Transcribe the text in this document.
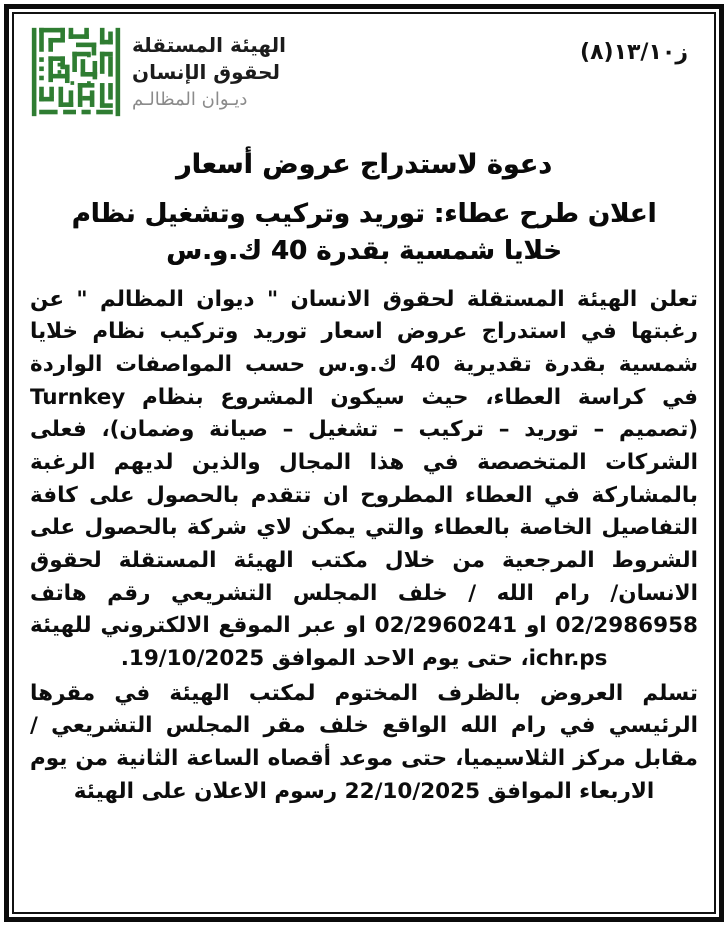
الهيئة المستقلة
لحقوق الإنسان
ديـوان المظالـم
ز١٣/١٠(٨)
دعوة لاستدراج عروض أسعار
اعلان طرح عطاء: توريد وتركيب وتشغيل نظام خلايا شمسية بقدرة 40 ك.و.س

تعلن الهيئة المستقلة لحقوق الانسان " ديوان المظالم " عن رغبتها في استدراج عروض اسعار توريد وتركيب نظام خلايا شمسية بقدرة تقديرية 40 ك.و.س حسب المواصفات الواردة في كراسة العطاء، حيث سيكون المشروع بنظام Turnkey (تصميم – توريد – تركيب – تشغيل – صيانة وضمان)، فعلى الشركات المتخصصة في هذا المجال والذين لديهم الرغبة بالمشاركة في العطاء المطروح ان تتقدم بالحصول على كافة التفاصيل الخاصة بالعطاء والتي يمكن لاي شركة بالحصول على الشروط المرجعية من خلال مكتب الهيئة المستقلة لحقوق الانسان/ رام الله / خلف المجلس التشريعي رقم هاتف 02/2986958 او 02/2960241 او عبر الموقع الالكتروني للهيئة ichr.ps، حتى يوم الاحد الموافق 19/10/2025.

تسلم العروض بالظرف المختوم لمكتب الهيئة في مقرها الرئيسي في رام الله الواقع خلف مقر المجلس التشريعي / مقابل مركز الثلاسيميا، حتى موعد أقصاه الساعة الثانية من يوم الاربعاء الموافق 22/10/2025 رسوم الاعلان على الهيئة
